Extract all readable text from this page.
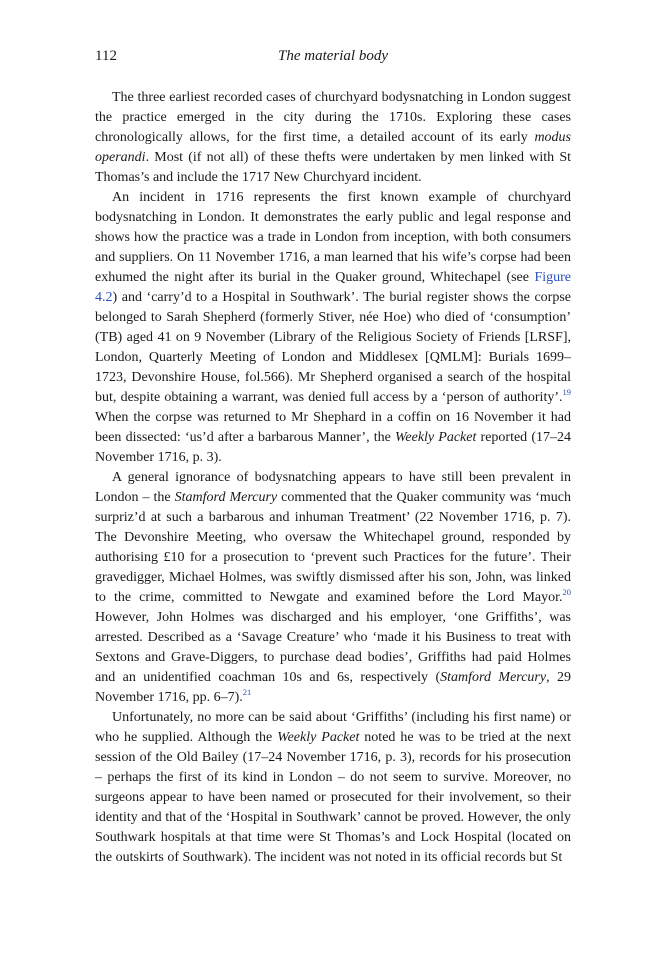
112	The material body

The three earliest recorded cases of churchyard bodysnatching in London suggest the practice emerged in the city during the 1710s. Exploring these cases chronologically allows, for the first time, a detailed account of its early modus operandi. Most (if not all) of these thefts were undertaken by men linked with St Thomas’s and include the 1717 New Churchyard incident.

An incident in 1716 represents the first known example of churchyard bodysnatching in London. It demonstrates the early public and legal response and shows how the practice was a trade in London from inception, with both consumers and suppliers. On 11 November 1716, a man learned that his wife’s corpse had been exhumed the night after its burial in the Quaker ground, Whitechapel (see Figure 4.2) and ‘carry’d to a Hospital in Southwark’. The burial register shows the corpse belonged to Sarah Shepherd (formerly Stiver, née Hoe) who died of ‘consumption’ (TB) aged 41 on 9 November (Library of the Religious Society of Friends [LRSF], London, Quarterly Meeting of London and Middlesex [QMLM]: Burials 1699–1723, Devonshire House, fol.566). Mr Shepherd organised a search of the hospital but, despite obtaining a warrant, was denied full access by a ‘person of authority’.$^{19}$ When the corpse was returned to Mr Shephard in a coffin on 16 November it had been dissected: ‘us’d after a barbarous Manner’, the Weekly Packet reported (17–24 November 1716, p. 3).

A general ignorance of bodysnatching appears to have still been prevalent in London – the Stamford Mercury commented that the Quaker community was ‘much surpriz’d at such a barbarous and inhuman Treatment’ (22 November 1716, p. 7). The Devonshire Meeting, who oversaw the Whitechapel ground, responded by authorising £10 for a prosecution to ‘prevent such Practices for the future’. Their gravedigger, Michael Holmes, was swiftly dismissed after his son, John, was linked to the crime, committed to Newgate and examined before the Lord Mayor.$^{20}$ However, John Holmes was discharged and his employer, ‘one Griffiths’, was arrested. Described as a ‘Savage Creature’ who ‘made it his Business to treat with Sextons and Grave-Diggers, to purchase dead bodies’, Griffiths had paid Holmes and an unidentified coachman 10s and 6s, respectively (Stamford Mercury, 29 November 1716, pp. 6–7).$^{21}$

Unfortunately, no more can be said about ‘Griffiths’ (including his first name) or who he supplied. Although the Weekly Packet noted he was to be tried at the next session of the Old Bailey (17–24 November 1716, p. 3), records for his prosecution – perhaps the first of its kind in London – do not seem to survive. Moreover, no surgeons appear to have been named or prosecuted for their involvement, so their identity and that of the ‘Hospital in Southwark’ cannot be proved. However, the only Southwark hospitals at that time were St Thomas’s and Lock Hospital (located on the outskirts of Southwark). The incident was not noted in its official records but St
